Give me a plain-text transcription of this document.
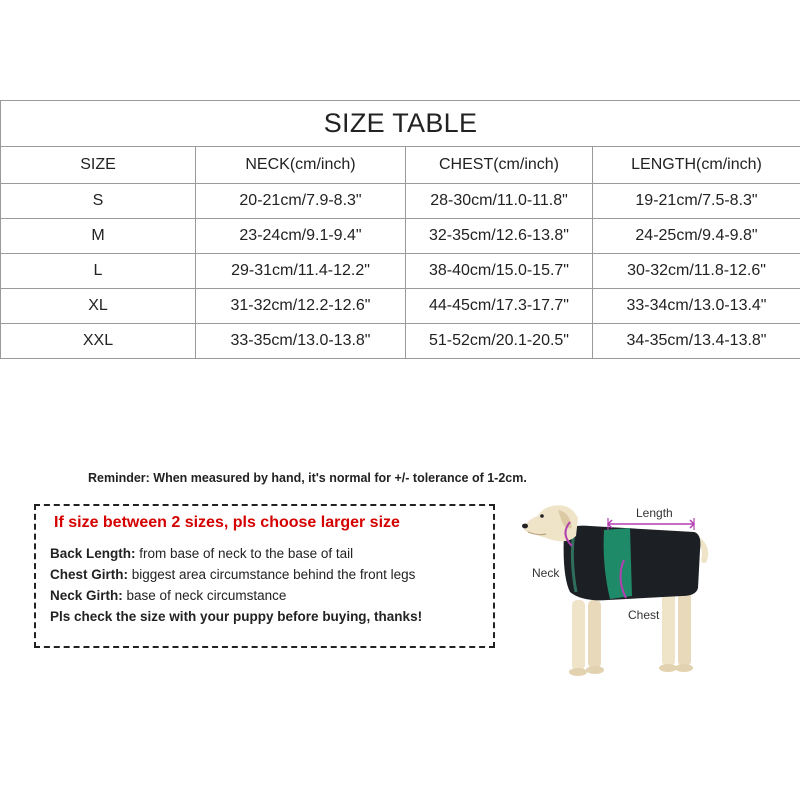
SIZE TABLE			
SIZE	NECK(cm/inch)	CHEST(cm/inch)	LENGTH(cm/inch)
S	20-21cm/7.9-8.3"	28-30cm/11.0-11.8"	19-21cm/7.5-8.3"
M	23-24cm/9.1-9.4"	32-35cm/12.6-13.8"	24-25cm/9.4-9.8"
L	29-31cm/11.4-12.2"	38-40cm/15.0-15.7"	30-32cm/11.8-12.6"
XL	31-32cm/12.2-12.6"	44-45cm/17.3-17.7"	33-34cm/13.0-13.4"
XXL	33-35cm/13.0-13.8"	51-52cm/20.1-20.5"	34-35cm/13.4-13.8"
Reminder: When measured by hand, it's normal for +/- tolerance of 1-2cm.
If size between 2 sizes, pls choose larger size
Back Length: from base of neck to the base of tail
Chest Girth: biggest area circumstance behind the front legs
Neck Girth: base of neck circumstance
Pls check the size with your puppy before buying, thanks!
Length
Neck
Chest
